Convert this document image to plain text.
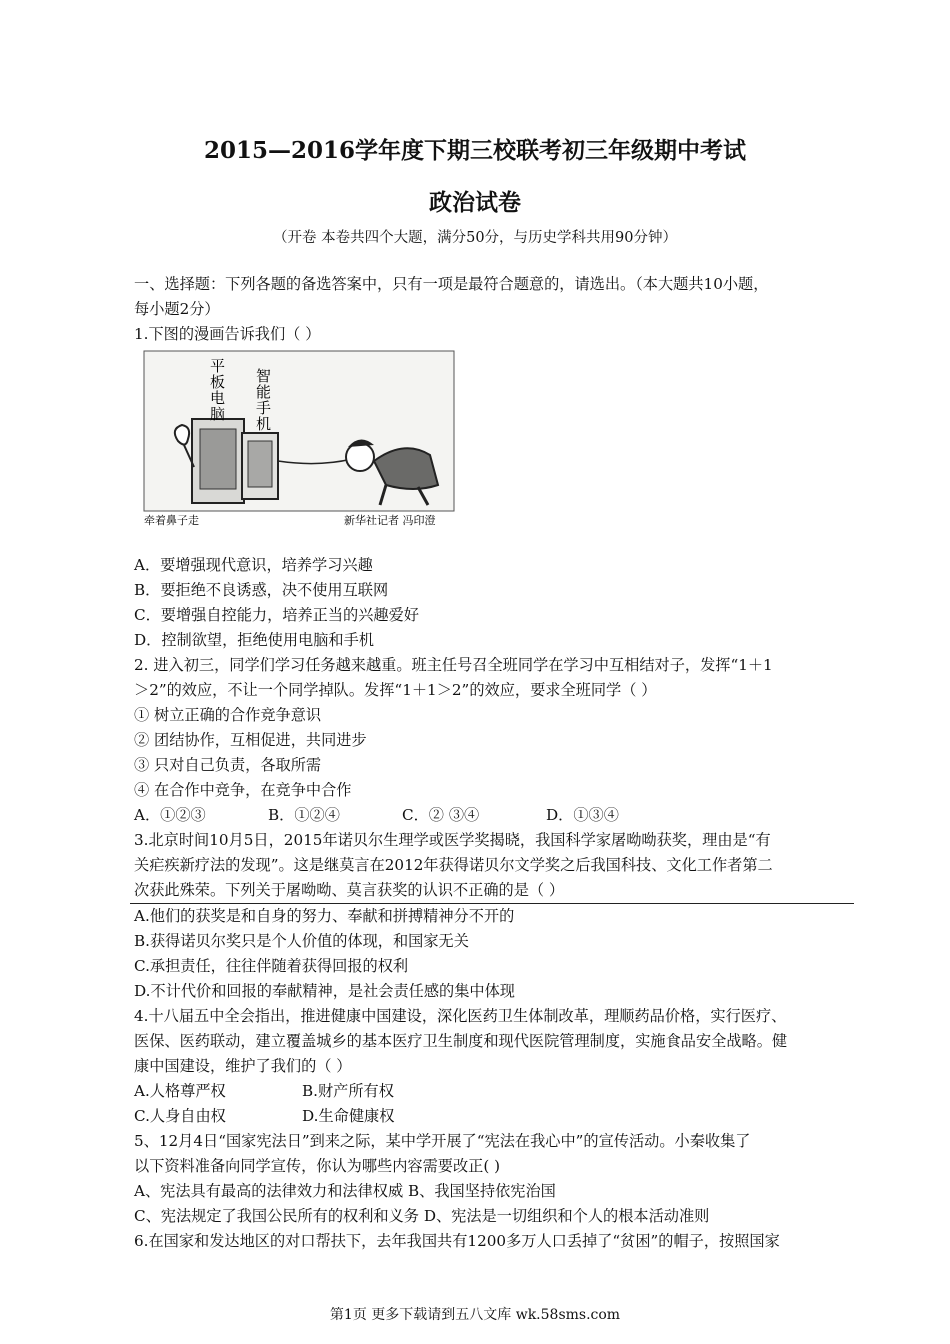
2015—2016学年度下期三校联考初三年级期中考试
政治试卷
（开卷 本卷共四个大题，满分50分，与历史学科共用90分钟）

一、选择题：下列各题的备选答案中，只有一项是最符合题意的，请选出。（本大题共10小题，

每小题2分）

1.下图的漫画告诉我们（ ）

平
板
电
脑
智
能
手
机
牵着鼻子走	新华社记者 冯印澄

A．要增强现代意识，培养学习兴趣

B．要拒绝不良诱惑，决不使用互联网

C．要增强自控能力，培养正当的兴趣爱好

D．控制欲望，拒绝使用电脑和手机

2. 进入初三，同学们学习任务越来越重。班主任号召全班同学在学习中互相结对子，发挥“1＋1

＞2”的效应，不让一个同学掉队。发挥“1＋1＞2”的效应，要求全班同学（ ）

① 树立正确的合作竞争意识

② 团结协作，互相促进，共同进步

③ 只对自己负责，各取所需

④ 在合作中竞争，在竞争中合作

A．①②③	B．①②④	C．② ③④	D．①③④

3.北京时间10月5日，2015年诺贝尔生理学或医学奖揭晓，我国科学家屠呦呦获奖，理由是“有

关疟疾新疗法的发现”。这是继莫言在2012年获得诺贝尔文学奖之后我国科技、文化工作者第二

次获此殊荣。下列关于屠呦呦、莫言获奖的认识不正确的是（ ）

A.他们的获奖是和自身的努力、奉献和拼搏精神分不开的

B.获得诺贝尔奖只是个人价值的体现，和国家无关

C.承担责任，往往伴随着获得回报的权利

D.不计代价和回报的奉献精神，是社会责任感的集中体现

4.十八届五中全会指出，推进健康中国建设，深化医药卫生体制改革，理顺药品价格，实行医疗、

医保、医药联动，建立覆盖城乡的基本医疗卫生制度和现代医院管理制度，实施食品安全战略。健

康中国建设，维护了我们的（ ）

A.人格尊严权	B.财产所有权

C.人身自由权	D.生命健康权

5、12月4日“国家宪法日”到来之际，某中学开展了“宪法在我心中”的宣传活动。小秦收集了

以下资料准备向同学宣传，你认为哪些内容需要改正( )

A、宪法具有最高的法律效力和法律权威 B、我国坚持依宪治国

C、宪法规定了我国公民所有的权利和义务 D、宪法是一切组织和个人的根本活动准则

6.在国家和发达地区的对口帮扶下，去年我国共有1200多万人口丢掉了“贫困”的帽子，按照国家

第1页 更多下载请到五八文库 wk.58sms.com
